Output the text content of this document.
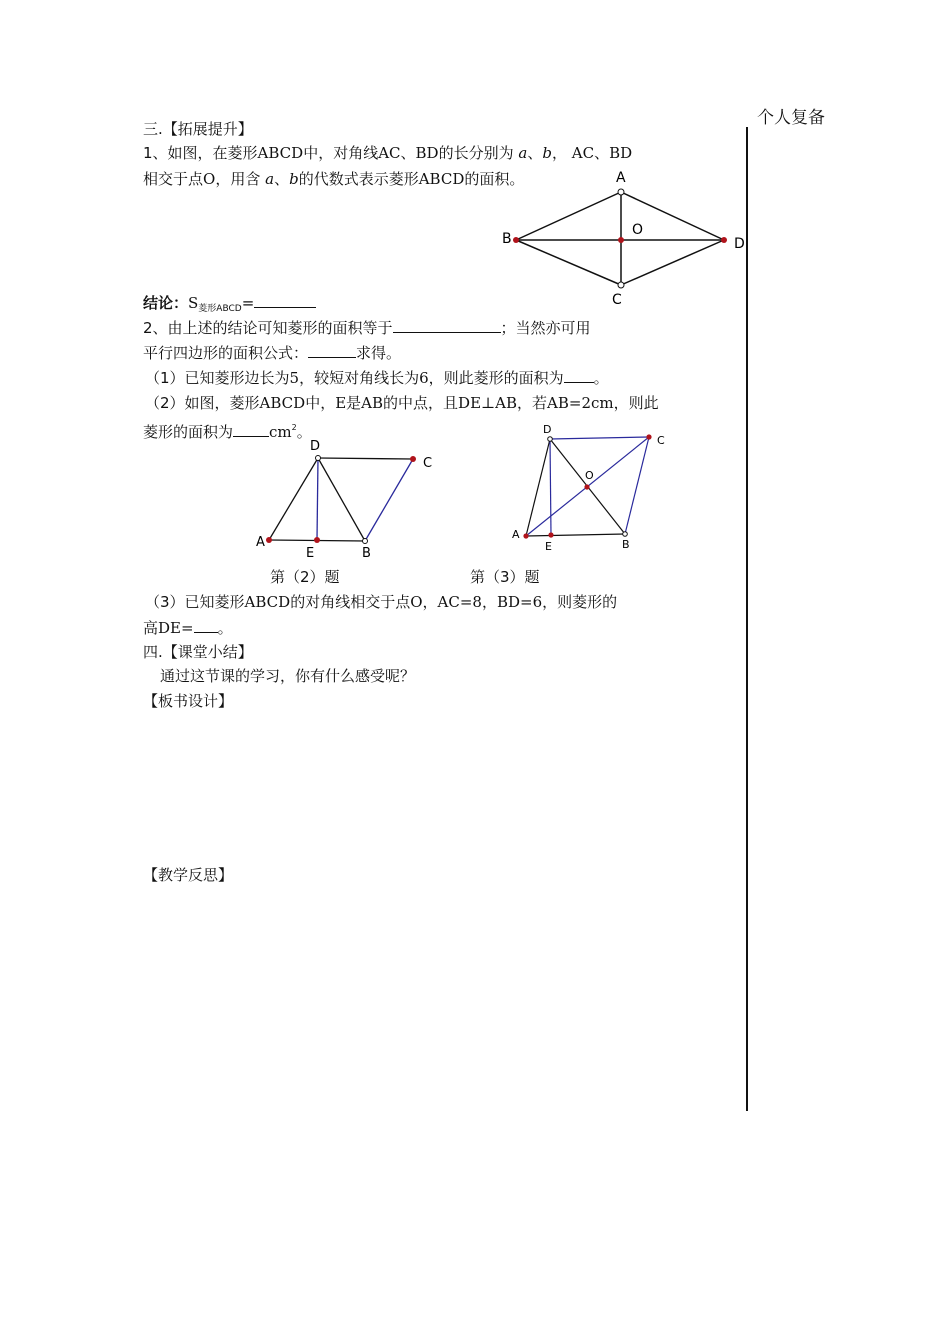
个人复备
三.【拓展提升】
1、如图，在菱形ABCD中，对角线AC、BD的长分别为 a、b， AC、BD
相交于点O，用含 a、b的代数式表示菱形ABCD的面积。	A
B
C
D
O
结论：$S_{菱形ABCD}=$
2、由上述的结论可知菱形的面积等于	；当然亦可用
平行四边形的面积公式：	求得。
（1）已知菱形边长为5，较短对角线长为6，则此菱形的面积为 。
（2）如图，菱形ABCD中，E是AB的中点，且DE⊥AB，若AB=2cm，则此
菱形的面积为 $cm^2$。
D
C
A
E	B
D
C
O
A
E	B
第（2）题	第（3）题
（3）已知菱形ABCD的对角线相交于点O，AC=8，BD=6，则菱形的
高DE= 。
四.【课堂小结】
通过这节课的学习，你有什么感受呢？
【板书设计】
【教学反思】
